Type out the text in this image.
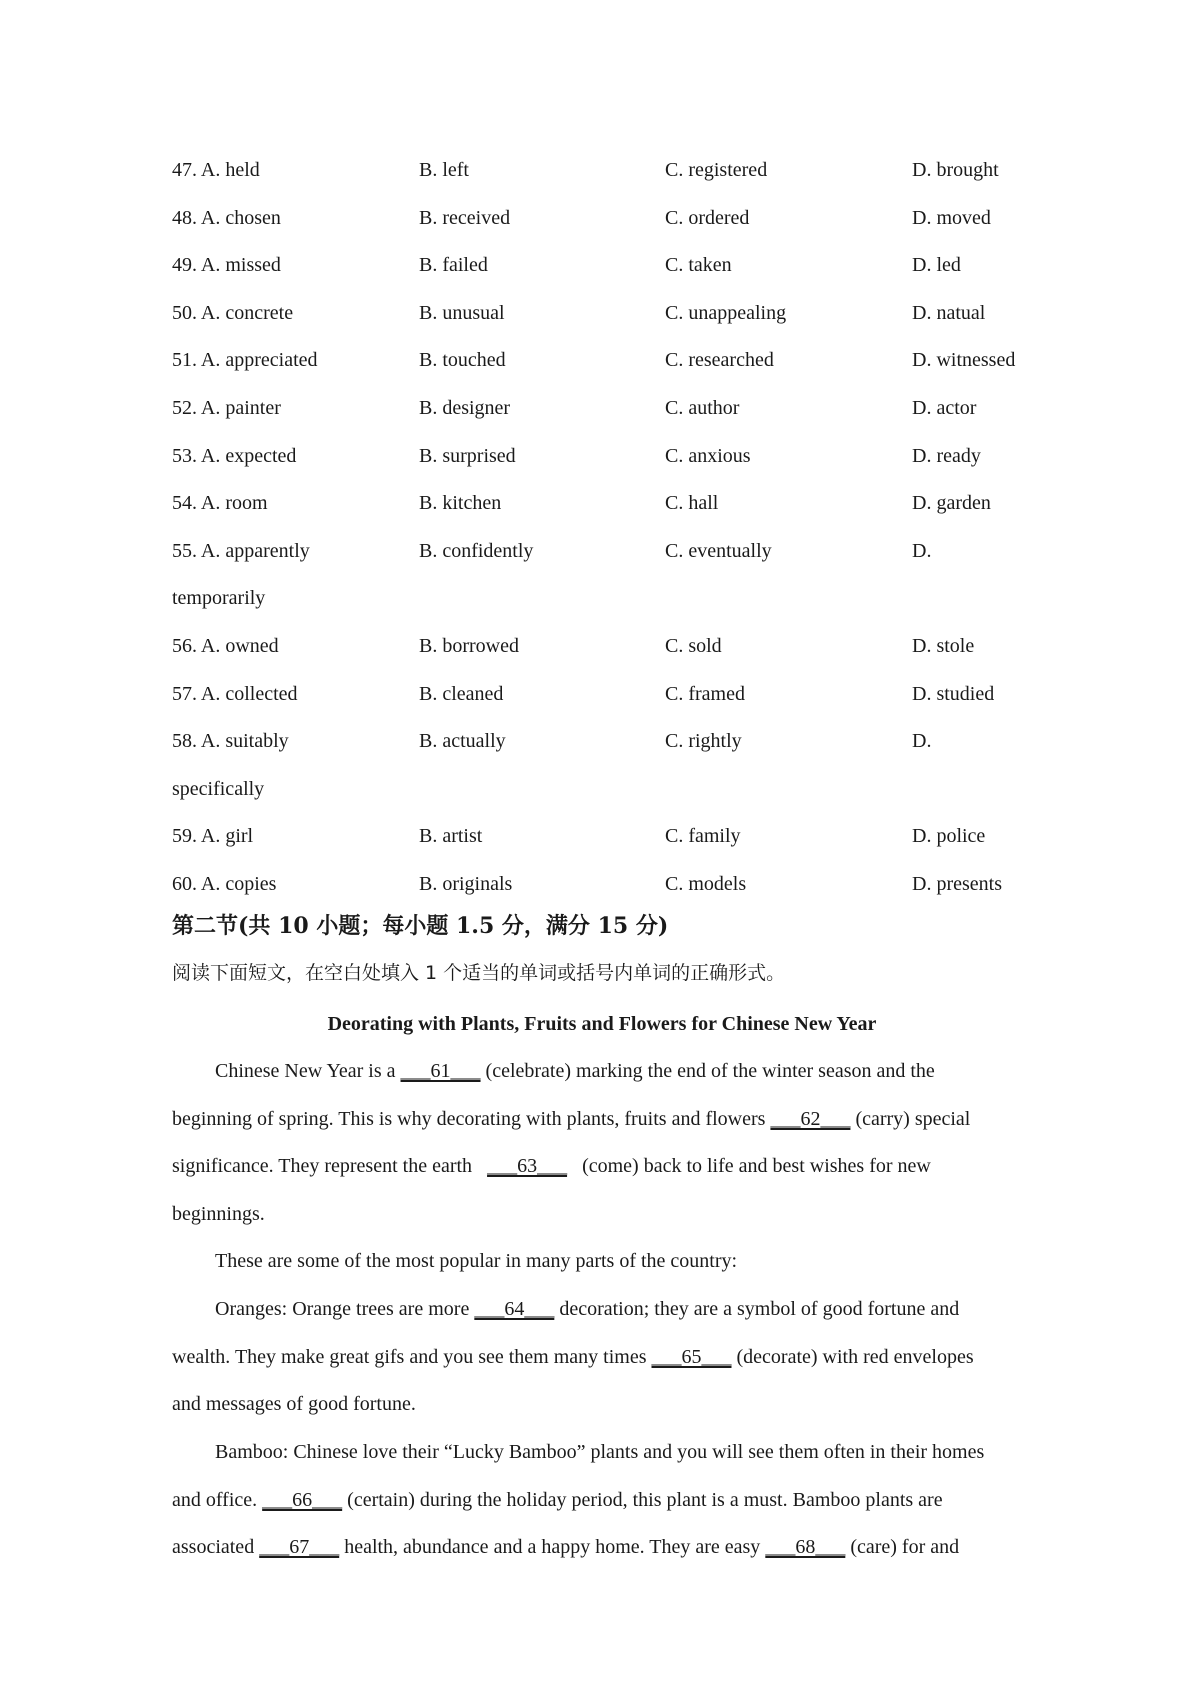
47. A. held	B. left	C. registered	D. brought
48. A. chosen	B. received	C. ordered	D. moved
49. A. missed	B. failed	C. taken	D. led
50. A. concrete	B. unusual	C. unappealing	D. natual
51. A. appreciated	B. touched	C. researched	D. witnessed
52. A. painter	B. designer	C. author	D. actor
53. A. expected	B. surprised	C. anxious	D. ready
54. A. room	B. kitchen	C. hall	D. garden
55. A. apparently	B. confidently	C. eventually	D.
temporarily
56. A. owned	B. borrowed	C. sold	D. stole
57. A. collected	B. cleaned	C. framed	D. studied
58. A. suitably	B. actually	C. rightly	D.
specifically
59. A. girl	B. artist	C. family	D. police
60. A. copies	B. originals	C. models	D. presents
第二节(共 10 小题；每小题 1.5 分，满分 15 分)
阅读下面短文，在空白处填入 1 个适当的单词或括号内单词的正确形式。
Deorating with Plants, Fruits and Flowers for Chinese New Year
Chinese New Year is a ___61___ (celebrate) marking the end of the winter season and the
beginning of spring. This is why decorating with plants, fruits and flowers ___62___ (carry) special
significance. They represent the earth   ___63___   (come) back to life and best wishes for new
beginnings.
These are some of the most popular in many parts of the country:
Oranges: Orange trees are more ___64___ decoration; they are a symbol of good fortune and
wealth. They make great gifs and you see them many times ___65___ (decorate) with red envelopes
and messages of good fortune.
Bamboo: Chinese love their “Lucky Bamboo” plants and you will see them often in their homes
and office. ___66___ (certain) during the holiday period, this plant is a must. Bamboo plants are
associated ___67___ health, abundance and a happy home. They are easy ___68___ (care) for and
